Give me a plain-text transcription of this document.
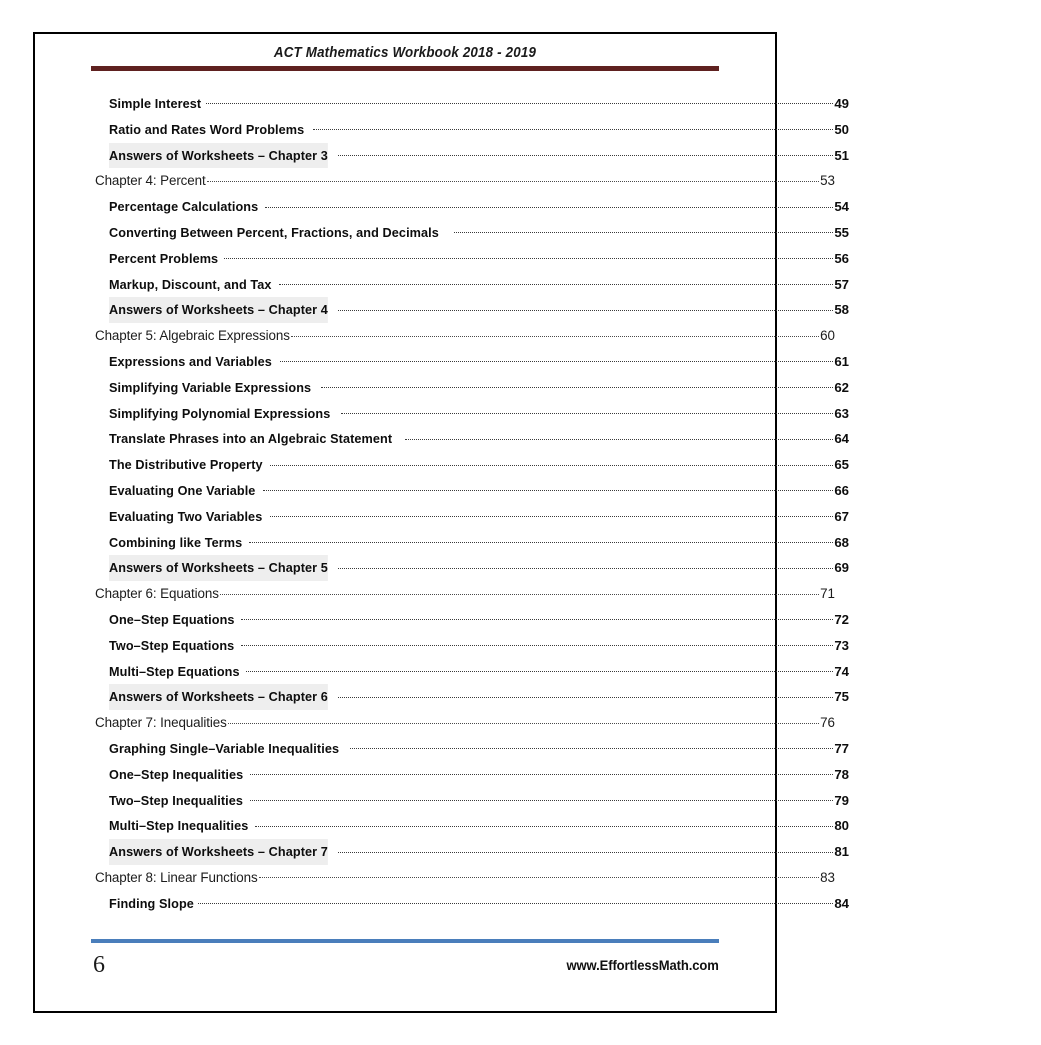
ACT Mathematics Workbook 2018 - 2019
Simple Interest	49
Ratio and Rates Word Problems	50
Answers of Worksheets – Chapter 3	51
Chapter 4: Percent	53
Percentage Calculations	54
Converting Between Percent, Fractions, and Decimals	55
Percent Problems	56
Markup, Discount, and Tax	57
Answers of Worksheets – Chapter 4	58
Chapter 5: Algebraic Expressions	60
Expressions and Variables	61
Simplifying Variable Expressions	62
Simplifying Polynomial Expressions	63
Translate Phrases into an Algebraic Statement	64
The Distributive Property	65
Evaluating One Variable	66
Evaluating Two Variables	67
Combining like Terms	68
Answers of Worksheets – Chapter 5	69
Chapter 6: Equations	71
One–Step Equations	72
Two–Step Equations	73
Multi–Step Equations	74
Answers of Worksheets – Chapter 6	75
Chapter 7: Inequalities	76
Graphing Single–Variable Inequalities	77
One–Step Inequalities	78
Two–Step Inequalities	79
Multi–Step Inequalities	80
Answers of Worksheets – Chapter 7	81
Chapter 8: Linear Functions	83
Finding Slope	84
6	www.EffortlessMath.com
